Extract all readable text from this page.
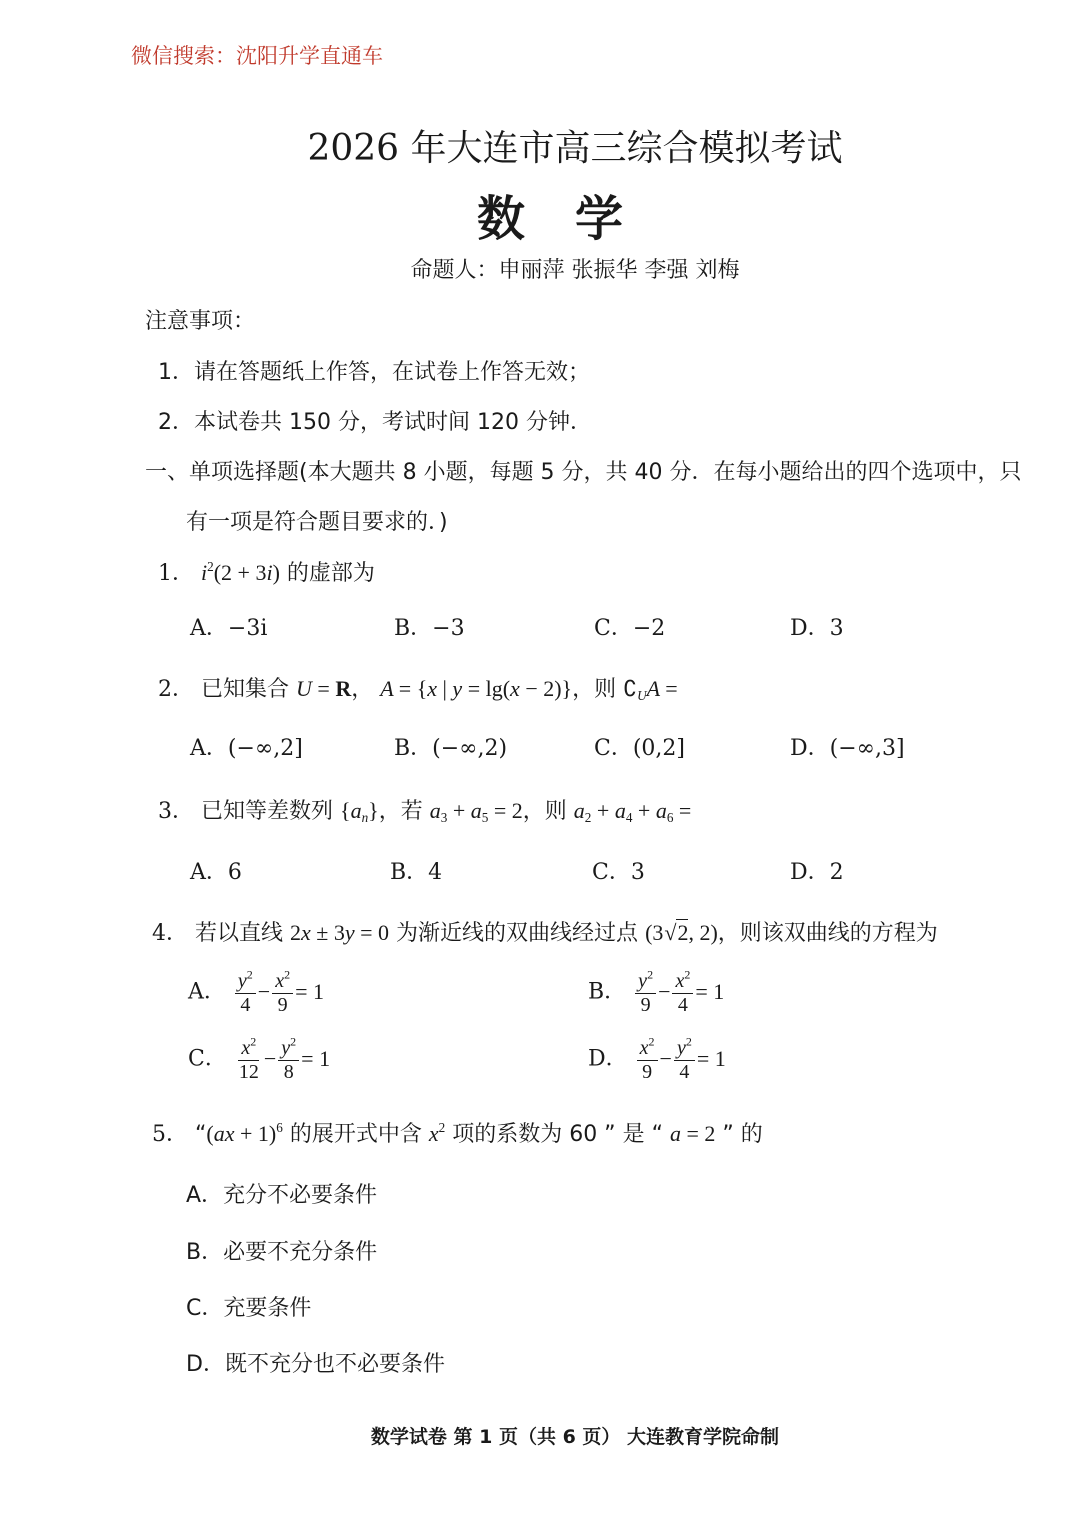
微信搜索：沈阳升学直通车
2026 年大连市高三综合模拟考试
数学
命题人：申丽萍 张振华 李强 刘梅
注意事项：
1．请在答题纸上作答，在试卷上作答无效；
2．本试卷共 150 分，考试时间 120 分钟．
一、单项选择题(本大题共 8 小题，每题 5 分，共 40 分．在每小题给出的四个选项中，只
有一项是符合题目要求的．)
1． $i^2(2 + 3i)$ 的虚部为
A．−3i	B．−3	C．−2	D．3
2． 已知集合 U = R， A = {x | y = lg(x − 2)}，则 $∁_UA$ =
A．(−∞,2]	B．(−∞,2)	C．(0,2]	D．(−∞,3]
3． 已知等差数列 $\{a_n\}$，若 $a_3 + a_5 = 2$，则 $a_2 + a_4 + a_6$ =
A．6	B．4	C．3	D．2
4． 若以直线 2x ± 3y = 0 为渐近线的双曲线经过点 (3√2, 2)，则该双曲线的方程为
A． $\frac{y^2}{4} - \frac{x^2}{9} = 1$	B． $\frac{y^2}{9} - \frac{x^2}{4} = 1$
C． $\frac{x^2}{12} - \frac{y^2}{8} = 1$	D． $\frac{x^2}{9} - \frac{y^2}{4} = 1$
5． “(ax + 1)$^6$ 的展开式中含 $x^2$ 项的系数为 60 ” 是 “ a = 2 ” 的
A．充分不必要条件
B．必要不充分条件
C．充要条件
D．既不充分也不必要条件
数学试卷 第 1 页（共 6 页） 大连教育学院命制
